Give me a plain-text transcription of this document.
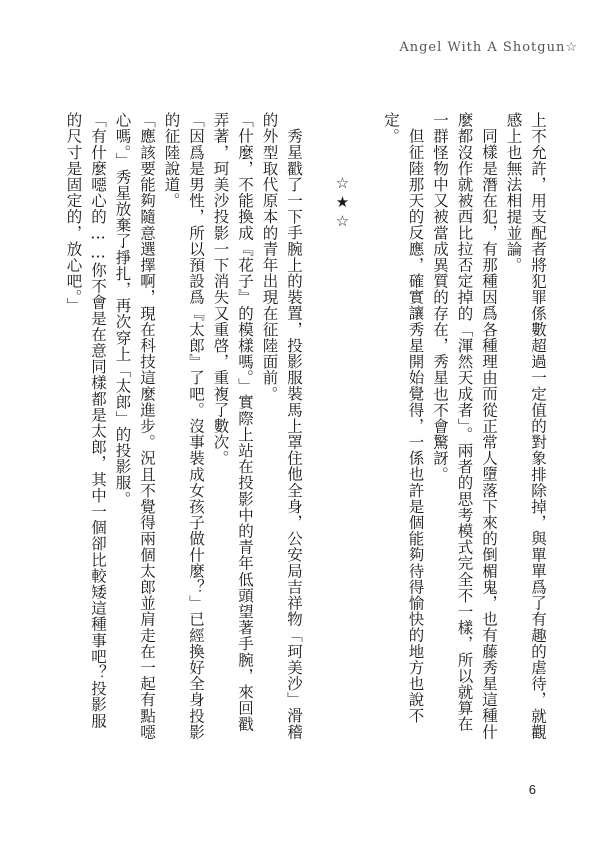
Angel With A Shotgun☆
上不允許，用支配者將犯罪係數超過一定值的對象排除掉，與單單爲了有趣的虐待，就觀感上也無法相提並論。
同樣是潛在犯，有那種因爲各種理由而從正常人墮落下來的倒楣鬼，也有藤秀星這種什麼都沒作就被西比拉否定掉的「渾然天成者」。兩者的思考模式完全不一樣，所以就算在一群怪物中又被當成異質的存在，秀星也不會驚訝。
但征陸那天的反應，確實讓秀星開始覺得，一係也許是個能夠待得愉快的地方也說不定。
☆★☆
秀星戳了一下手腕上的裝置，投影服裝馬上罩住他全身，公安局吉祥物「珂美沙」滑稽的外型取代原本的青年出現在征陸面前。
「什麼，不能換成『花子』的模樣嗎。」實際上站在投影中的青年低頭望著手腕，來回戳弄著，珂美沙投影一下消失又重啓，重複了數次。
「因爲是男性，所以預設爲『太郎』了吧。沒事裝成女孩子做什麼？」已經換好全身投影的征陸說道。
「應該要能夠隨意選擇啊，現在科技這麼進步。況且不覺得兩個太郎並肩走在一起有點噁心嗎。」秀星放棄了掙扎，再次穿上「太郎」的投影服。
「有什麼噁心的……你不會是在意同樣都是太郎，其中一個卻比較矮這種事吧？投影服的尺寸是固定的，放心吧。」
6
